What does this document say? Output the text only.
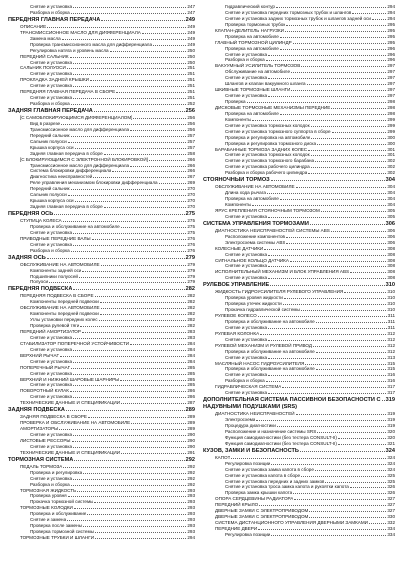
Снятие и установка	247
Разборка и сборка	247
ПЕРЕДНЯЯ ГЛАВНАЯ ПЕРЕДАЧА	249
ОПИСАНИЕ	249
ТРАНСМИССИОННОЕ МАСЛО ДЛЯ ДИФФЕРЕНЦИАЛА	249
Замена масла	249
Проверка трансмиссионного масла для дифференциала	249
Регулировка натяга и уровень масла	250
ПЕРЕДНИЙ САЛЬНИК	250
Снятие и установка	250
САЛЬНИК ПОЛУОСИ	251
Снятие и установка	251
ПРОКЛАДКА ЗАДНЕЙ КРЫШКИ	251
Снятие и установка	251
ПЕРЕДНЯЯ ГЛАВНАЯ ПЕРЕДАЧА В СБОРЕ	251
Снятие и установка	251
Разборка и сборка	252
ЗАДНЯЯ ГЛАВНАЯ ПЕРЕДАЧА	256
[С САМОБЛОКИРУЮЩИМСЯ ДИФФЕРЕНЦИАЛОМ]	256
Вид в разрезе	256
Трансмиссионное масло для дифференциала	256
Передний сальник	257
Сальник полуоси	257
Крышка корпуса оси	257
Задняя главная передача в сборе	258
[С БЛОКИРУЮЩИМСЯ С ЭЛЕКТРОННОЙ БЛОКИРОВКОЙ]	266
Трансмиссионное масло для дифференциала	266
Система блокировки дифференциала	266
Диагностика неисправностей	267
Реле управления механизмом блокировки дифференциала	269
Передний сальник	270
Сальник полуоси	270
Крышка корпуса оси	270
Задняя главная передача в сборе	270
ПЕРЕДНЯЯ ОСЬ	275
СТУПИЦА КОЛЕСА	275
Проверка и обслуживание на автомобиле	275
Снятие и установка	275
ПРИВОДНЫЕ ПЕРЕДНИЕ ВАЛЫ	276
Снятие и установка	276
Разборка и сборка	276
ЗАДНЯЯ ОСЬ	279
ОБСЛУЖИВАНИЕ НА АВТОМОБИЛЕ	279
Компоненты задней оси	279
Подшипники полуосей	279
Полуоси	279
ПЕРЕДНЯЯ ПОДВЕСКА	282
ПЕРЕДНЯЯ ПОДВЕСКА В СБОРЕ	282
Компоненты передней подвески	282
ОБСЛУЖИВАНИЕ НА АВТОМОБИЛЕ	282
Компоненты передней подвески	282
Углы установки передних колес	282
Проверка рулевой тяги	282
ПЕРЕДНИЙ АМОРТИЗАТОР	283
Снятие и установка	283
СТАБИЛИЗАТОР ПОПЕРЕЧНОЙ УСТОЙЧИВОСТИ	284
Снятие и установка	284
ВЕРХНИЙ РЫЧАГ	284
Снятие и установка	284
ПОПЕРЕЧНЫЙ РЫЧАГ	285
Снятие и установка	285
ВЕРХНИЙ И НИЖНИЙ ШАРОВЫЕ ШАРНИРЫ	285
Снятие и установка	285
ПОВОРОТНЫЙ КУЛАК	286
Снятие и установка	286
ТЕХНИЧЕСКИЕ ДАННЫЕ И СПЕЦИФИКАЦИИ	287
ЗАДНЯЯ ПОДВЕСКА	289
ЗАДНЯЯ ПОДВЕСКА В СБОРЕ	289
ПРОВЕРКА И ОБСЛУЖИВАНИЕ НА АВТОМОБИЛЕ	289
АМОРТИЗАТОРЫ	289
Снятие и установка	290
ЛИСТОВЫЕ РЕССОРЫ	290
Снятие и установка	290
ТЕХНИЧЕСКИЕ ДАННЫЕ И СПЕЦИФИКАЦИИ	291
ТОРМОЗНАЯ СИСТЕМА	292
ПЕДАЛЬ ТОРМОЗА	292
Проверка и регулировка	292
Снятие и установка	292
Разборка и сборка	292
ТОРМОЗНАЯ ЖИДКОСТЬ	293
Проверка уровня	293
Прокачка тормозной системы	293
ТОРМОЗНЫЕ КОЛОДКИ	293
Проверка и обслуживание	293
Снятие и замена	293
Проверка после замены	293
Проверка тормозной системы	293
ТОРМОЗНЫЕ ТРУБКИ И ШЛАНГИ	294
Гидравлический контур	294
Снятие и установка передних тормозных трубок и шлангов	294
Снятие и установка задних тормозных трубок и шлангов задней оси	294
Проверка тормозных трубок	295
КЛАПАН-ДЕЛИТЕЛЬ НАГРУЗКИ	295
Проверка на автомобиле	295
ГЛАВНЫЙ ТОРМОЗНОЙ ЦИЛИНДР	295
Проверка на автомобиле	296
Снятие и установка	296
Разборка и сборка	296
ВАКУУМНЫЙ УСИЛИТЕЛЬ ТОРМОЗОВ	297
Обслуживание на автомобиле	297
Снятие и установка	297
Шлангов и клапан вакуумного шланга	297
ШКИВНЫЕ ТОРМОЗНЫЕ ШЛАНГИ	297
Снятие и установка	297
Проверка	298
ДИСКОВЫЕ ТОРМОЗНЫЕ МЕХАНИЗМЫ ПЕРЕДНИЕ	298
Проверка на автомобиле	298
Компоненты	299
Снятие и установка тормозных колодок	299
Снятие и установка тормозного суппорта в сборе	299
Проверка и регулировка на автомобиле	300
Проверка и регулировка тормозного диска	300
БАРАБАННЫЕ ТОРМОЗА ЗАДНИХ КОЛЕС	301
Снятие и установка тормозных колодок	301
Снятие и установка тормозного барабана	302
Снятие и установка рабочего цилиндра	302
Разборка и сборка рабочего цилиндра	302
СТОЯНОЧНЫЙ ТОРМОЗ	304
ОБСЛУЖИВАНИЕ НА АВТОМОБИЛЕ	304
Длина хода рычага	304
Проверка на автомобиле	304
Компоненты	304
ЯРУС КРЕПЛЕНИЯ СТОЯНОЧНЫМ ТОРМОЗОМ	305
Снятие и установка	305
СИСТЕМА УПРАВЛЕНИЯ ТОРМОЗАМИ	306
ДИАГНОСТИКА НЕИСПРАВНОСТЕЙ СИСТЕМЫ ABS	306
Расположение компонентов	306
Электросхема системы ABS	306
КОЛЕСНЫЕ ДАТЧИКИ	308
Снятие и установка	308
СИГНАЛЬНОЕ КОЛЬЦО ДАТЧИКА	308
Снятие и установка	308
ИСПОЛНИТЕЛЬНЫЙ МЕХАНИЗМ И БЛОК УПРАВЛЕНИЯ ABS	308
Снятие и установка	308
РУЛЕВОЕ УПРАВЛЕНИЕ	310
ЖИДКОСТЬ ГИДРОУСИЛИТЕЛЯ РУЛЕВОГО УПРАВЛЕНИЯ	310
Проверка уровня жидкости	310
Проверка утечек жидкости	310
Прокачка гидравлической системы	310
РУЛЕВОЕ КОЛЕСО	311
Проверка и обслуживание на автомобиле	311
Снятие и установка	311
РУЛЕВАЯ КОЛОНКА	312
Снятие и установка	312
РУЛЕВОЙ МЕХАНИЗМ И РУЛЕВОЙ ПРИВОД	312
Проверка и обслуживание на автомобиле	312
Снятие и установка	313
МАСЛЯНЫЙ НАСОС ГИДРОУСИЛИТЕЛЯ	315
Проверка и обслуживание на автомобиле	315
Снятие и установка	316
Разборка и сборка	316
ГИДРАВЛИЧЕСКАЯ СИСТЕМА	317
Снятие и установка	317
ДОПОЛНИТЕЛЬНАЯ СИСТЕМА ПАССИВНОЙ БЕЗОПАСНОСТИ С НАДУВНЫМИ ПОДУШКАМИ (SRS)
319
ДИАГНОСТИКА НЕИСПРАВНОСТЕЙ	319
Электросхема	319
Процедура диагностики	319
Расположение и назначение системы SRS	320
Функция самодиагностики (без тестера CONSULT-II)	320
Функция самодиагностики (без тестера CONSULT-II)	321
КУЗОВ, ЗАМКИ И БЕЗОПАСНОСТЬ	324
КАПОТ	324
Регулировка позиции	324
Снятие и установка замка капота в сборе	324
Снятие и установка капота в сборе	325
Снятие и установка передних и задних замков	325
Снятие и установка троса замка капота и рукоятки капота	326
Проверка замка крышки капота	326
ОПОРА СЕРДЦЕВИНЫ РАДИАТОРА	327
ПЕРЕДНИЙ КРЫЛО	327
ДВЕРНЫЕ ЗАМКИ С ЭЛЕКТРОПРИВОДОМ	327
ДВЕРНЫЕ ЗАМКИ С ЭЛЕКТРОПРИВОДОМ	330
СИСТЕМА ДИСТАНЦИОННОГО УПРАВЛЕНИЯ ДВЕРНЫМИ ЗАМКАМИ	332
ПЕРЕДНИЕ ДВЕРИ	334
Регулировка позиции	334
